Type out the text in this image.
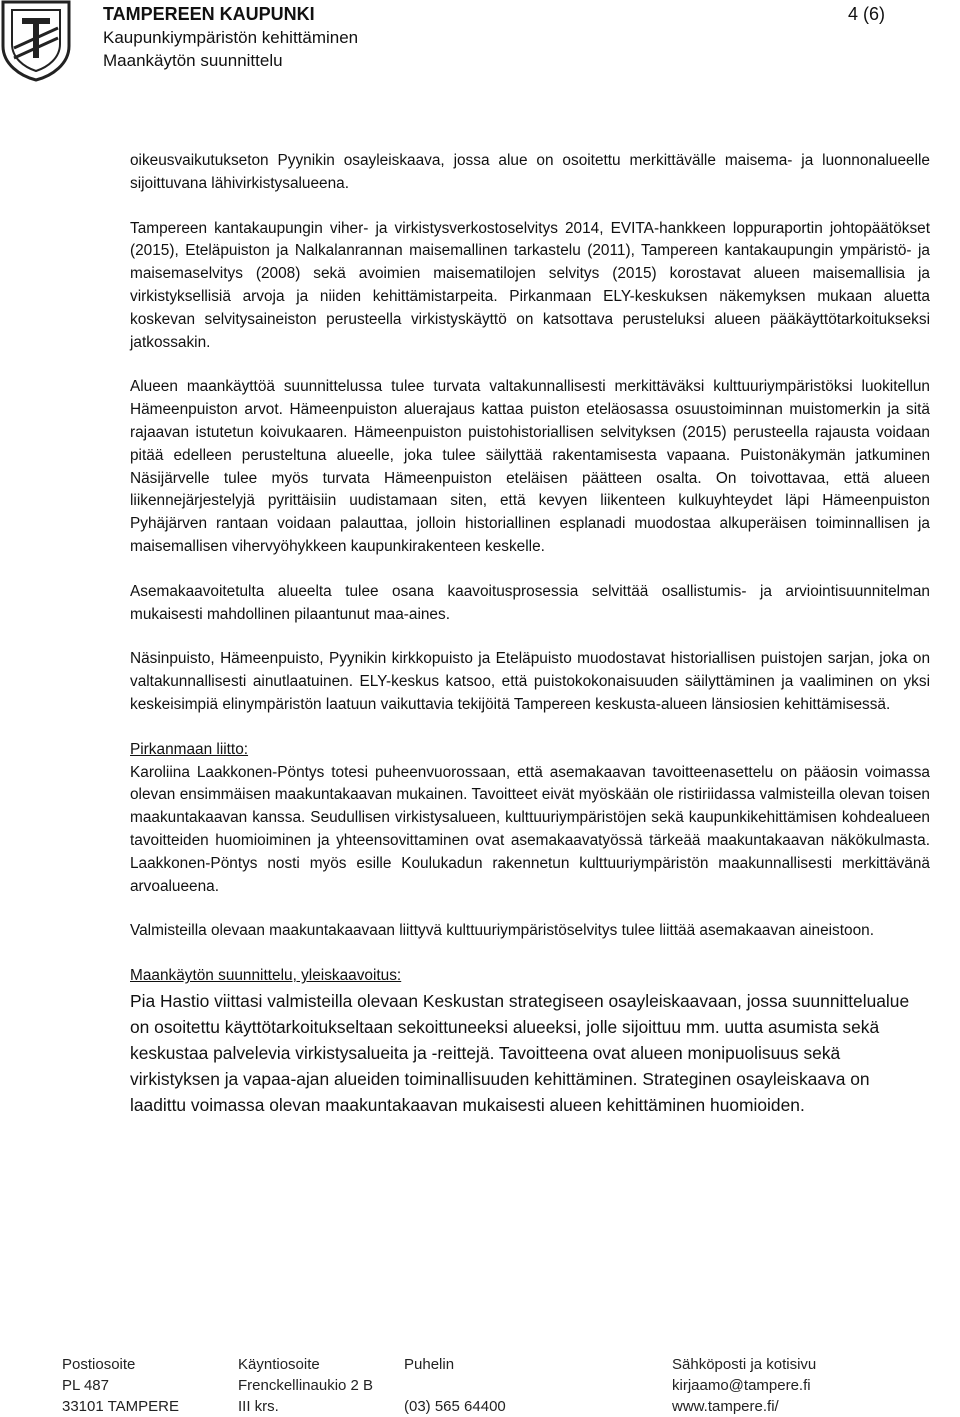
TAMPEREEN KAUPUNKI
Kaupunkiympäristön kehittäminen
Maankäytön suunnittelu
4 (6)

oikeusvaikutukseton Pyynikin osayleiskaava, jossa alue on osoitettu merkittävälle maisema- ja luonnonalueelle sijoittuvana lähivirkistysalueena.

Tampereen kantakaupungin viher- ja virkistysverkostoselvitys 2014, EVITA-hankkeen loppuraportin johtopäätökset (2015), Eteläpuiston ja Nalkalanrannan maisemallinen tarkastelu (2011), Tampereen kantakaupungin ympäristö- ja maisemaselvitys (2008) sekä avoimien maisematilojen selvitys (2015) korostavat alueen maisemallisia ja virkistyksellisiä arvoja ja niiden kehittämistarpeita. Pirkanmaan ELY-keskuksen näkemyksen mukaan aluetta koskevan selvitysaineiston perusteella virkistyskäyttö on katsottava perusteluksi alueen pääkäyttötarkoitukseksi jatkossakin.

Alueen maankäyttöä suunnittelussa tulee turvata valtakunnallisesti merkittäväksi kulttuuriympäristöksi luokitellun Hämeenpuiston arvot. Hämeenpuiston aluerajaus kattaa puiston eteläosassa osuustoiminnan muistomerkin ja sitä rajaavan istutetun koivukaaren. Hämeenpuiston puistohistoriallisen selvityksen (2015) perusteella rajausta voidaan pitää edelleen perusteltuna alueelle, joka tulee säilyttää rakentamisesta vapaana. Puistonäkymän jatkuminen Näsijärvelle tulee myös turvata Hämeenpuiston eteläisen päätteen osalta. On toivottavaa, että alueen liikennejärjestelyjä pyrittäisiin uudistamaan siten, että kevyen liikenteen kulkuyhteydet läpi Hämeenpuiston Pyhäjärven rantaan voidaan palauttaa, jolloin historiallinen esplanadi muodostaa alkuperäisen toiminnallisen ja maisemallisen vihervyöhykkeen kaupunkirakenteen keskelle.

Asemakaavoitetulta alueelta tulee osana kaavoitusprosessia selvittää osallistumis- ja arviointisuunnitelman mukaisesti mahdollinen pilaantunut maa-aines.

Näsinpuisto, Hämeenpuisto, Pyynikin kirkkopuisto ja Eteläpuisto muodostavat historiallisen puistojen sarjan, joka on valtakunnallisesti ainutlaatuinen. ELY-keskus katsoo, että puistokokonaisuuden säilyttäminen ja vaaliminen on yksi keskeisimpiä elinympäristön laatuun vaikuttavia tekijöitä Tampereen keskusta-alueen länsiosien kehittämisessä.

Pirkanmaan liitto:

Karoliina Laakkonen-Pöntys totesi puheenvuorossaan, että asemakaavan tavoitteenasettelu on pääosin voimassa olevan ensimmäisen maakuntakaavan mukainen. Tavoitteet eivät myöskään ole ristiriidassa valmisteilla olevan toisen maakuntakaavan kanssa. Seudullisen virkistysalueen, kulttuuriympäristöjen sekä kaupunkikehittämisen kohdealueen tavoitteiden huomioiminen ja yhteensovittaminen ovat asemakaavatyössä tärkeää maakuntakaavan näkökulmasta. Laakkonen-Pöntys nosti myös esille Koulukadun rakennetun kulttuuriympäristön maakunnallisesti merkittävänä arvoalueena.

Valmisteilla olevaan maakuntakaavaan liittyvä kulttuuriympäristöselvitys tulee liittää asemakaavan aineistoon.

Maankäytön suunnittelu, yleiskaavoitus:

Pia Hastio viittasi valmisteilla olevaan Keskustan strategiseen osayleiskaavaan, jossa suunnittelualue on osoitettu käyttötarkoitukseltaan sekoittuneeksi alueeksi, jolle sijoittuu mm. uutta asumista sekä keskustaa palvelevia virkistysalueita ja -reittejä. Tavoitteena ovat alueen monipuolisuus sekä virkistyksen ja vapaa-ajan alueiden toiminallisuuden kehittäminen. Strateginen osayleiskaava on laadittu voimassa olevan maakuntakaavan mukaisesti alueen kehittäminen huomioiden.

Postiosoite
PL 487
33101 TAMPERE
Käyntiosoite
Frenckellinaukio 2 B
III krs.
Puhelin

(03) 565 64400
Sähköposti ja kotisivu
kirjaamo@tampere.fi
www.tampere.fi/
